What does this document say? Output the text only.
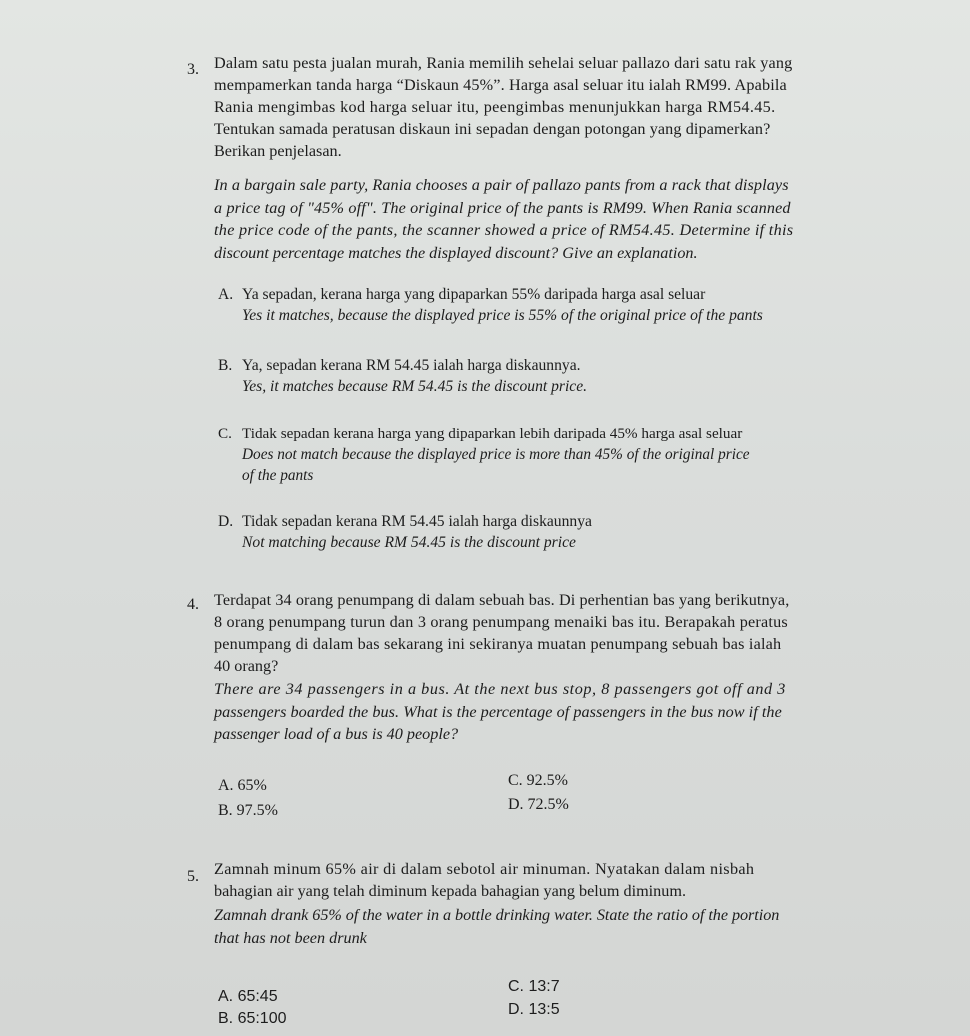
3. Dalam satu pesta jualan murah, Rania memilih sehelai seluar pallazo dari satu rak yang

mempamerkan tanda harga “Diskaun 45%”. Harga asal seluar itu ialah RM99. Apabila

Rania mengimbas kod harga seluar itu, peengimbas menunjukkan harga RM54.45.

Tentukan samada peratusan diskaun ini sepadan dengan potongan yang dipamerkan?

Berikan penjelasan.

In a bargain sale party, Rania chooses a pair of pallazo pants from a rack that displays

a price tag of "45% off". The original price of the pants is RM99. When Rania scanned

the price code of the pants, the scanner showed a price of RM54.45. Determine if this

discount percentage matches the displayed discount? Give an explanation.

A. Ya sepadan, kerana harga yang dipaparkan 55% daripada harga asal seluar

Yes it matches, because the displayed price is 55% of the original price of the pants

B. Ya, sepadan kerana RM 54.45 ialah harga diskaunnya.

Yes, it matches because RM 54.45 is the discount price.

C. Tidak sepadan kerana harga yang dipaparkan lebih daripada 45% harga asal seluar

Does not match because the displayed price is more than 45% of the original price

of the pants

D. Tidak sepadan kerana RM 54.45 ialah harga diskaunnya

Not matching because RM 54.45 is the discount price

4. Terdapat 34 orang penumpang di dalam sebuah bas. Di perhentian bas yang berikutnya,

8 orang penumpang turun dan 3 orang penumpang menaiki bas itu. Berapakah peratus

penumpang di dalam bas sekarang ini sekiranya muatan penumpang sebuah bas ialah

40 orang?

There are 34 passengers in a bus. At the next bus stop, 8 passengers got off and 3

passengers boarded the bus. What is the percentage of passengers in the bus now if the

passenger load of a bus is 40 people?

A. 65%
B. 97.5%
C. 92.5%
D. 72.5%
5. Zamnah minum 65% air di dalam sebotol air minuman. Nyatakan dalam nisbah

bahagian air yang telah diminum kepada bahagian yang belum diminum.

Zamnah drank 65% of the water in a bottle drinking water. State the ratio of the portion

that has not been drunk

A. 65:45
B. 65:100
C. 13:7
D. 13:5
